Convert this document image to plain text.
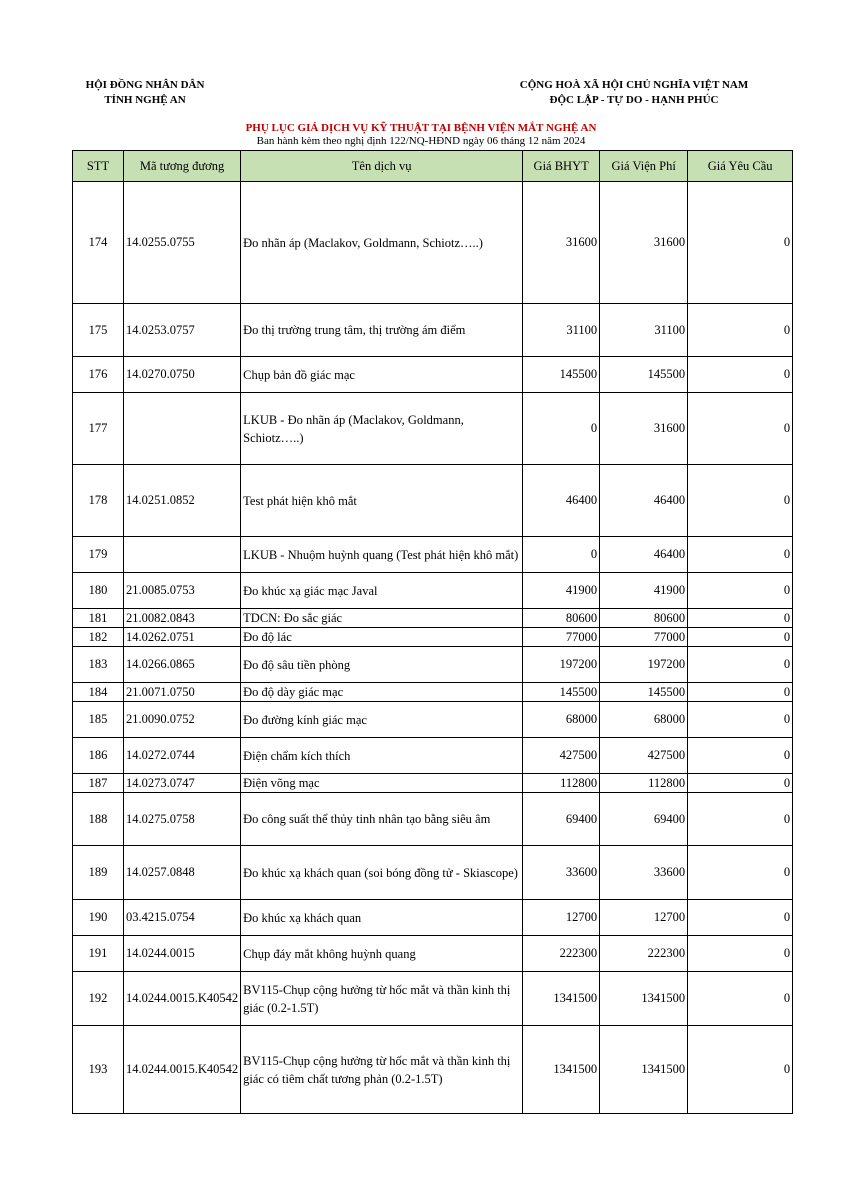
HỘI ĐỒNG NHÂN DÂN
TỈNH NGHỆ AN
CỘNG HOÀ XÃ HỘI CHỦ NGHĨA VIỆT NAM
ĐỘC LẬP - TỰ DO - HẠNH PHÚC
PHỤ LỤC GIÁ DỊCH VỤ KỸ THUẬT TẠI BỆNH VIỆN MẮT NGHỆ AN
Ban hành kèm theo nghị định 122/NQ-HĐND ngày 06 tháng 12 năm 2024
STT	Mã tương đương	Tên dịch vụ	Giá BHYT	Giá Viện Phí	Giá Yêu Cầu
174	14.0255.0755	Đo nhãn áp (Maclakov, Goldmann, Schiotz…..)	31600	31600	0
175	14.0253.0757	Đo thị trường trung tâm, thị trường ám điểm	31100	31100	0
176	14.0270.0750	Chụp bản đồ giác mạc	145500	145500	0
177		LKUB - Đo nhãn áp (Maclakov, Goldmann, Schiotz…..)	0	31600	0
178	14.0251.0852	Test phát hiện khô mắt	46400	46400	0
179		LKUB - Nhuộm huỳnh quang (Test phát hiện khô mắt)	0	46400	0
180	21.0085.0753	Đo khúc xạ giác mạc Javal	41900	41900	0
181	21.0082.0843	TDCN: Đo sắc giác	80600	80600	0
182	14.0262.0751	Đo độ lác	77000	77000	0
183	14.0266.0865	Đo độ sâu tiền phòng	197200	197200	0
184	21.0071.0750	Đo độ dày giác mạc	145500	145500	0
185	21.0090.0752	Đo đường kính giác mạc	68000	68000	0
186	14.0272.0744	Điện chẩm kích thích	427500	427500	0
187	14.0273.0747	Điện võng mạc	112800	112800	0
188	14.0275.0758	Đo công suất thể thủy tinh nhân tạo bằng siêu âm	69400	69400	0
189	14.0257.0848	Đo khúc xạ khách quan (soi bóng đồng tử - Skiascope)	33600	33600	0
190	03.4215.0754	Đo khúc xạ khách quan	12700	12700	0
191	14.0244.0015	Chụp đáy mắt không huỳnh quang	222300	222300	0
192	14.0244.0015.K40542	BV115-Chụp cộng hưởng từ hốc mắt và thần kinh thị giác (0.2-1.5T)	1341500	1341500	0
193	14.0244.0015.K40542	BV115-Chụp cộng hưởng từ hốc mắt và thần kinh thị giác có tiêm chất tương phản (0.2-1.5T)	1341500	1341500	0
